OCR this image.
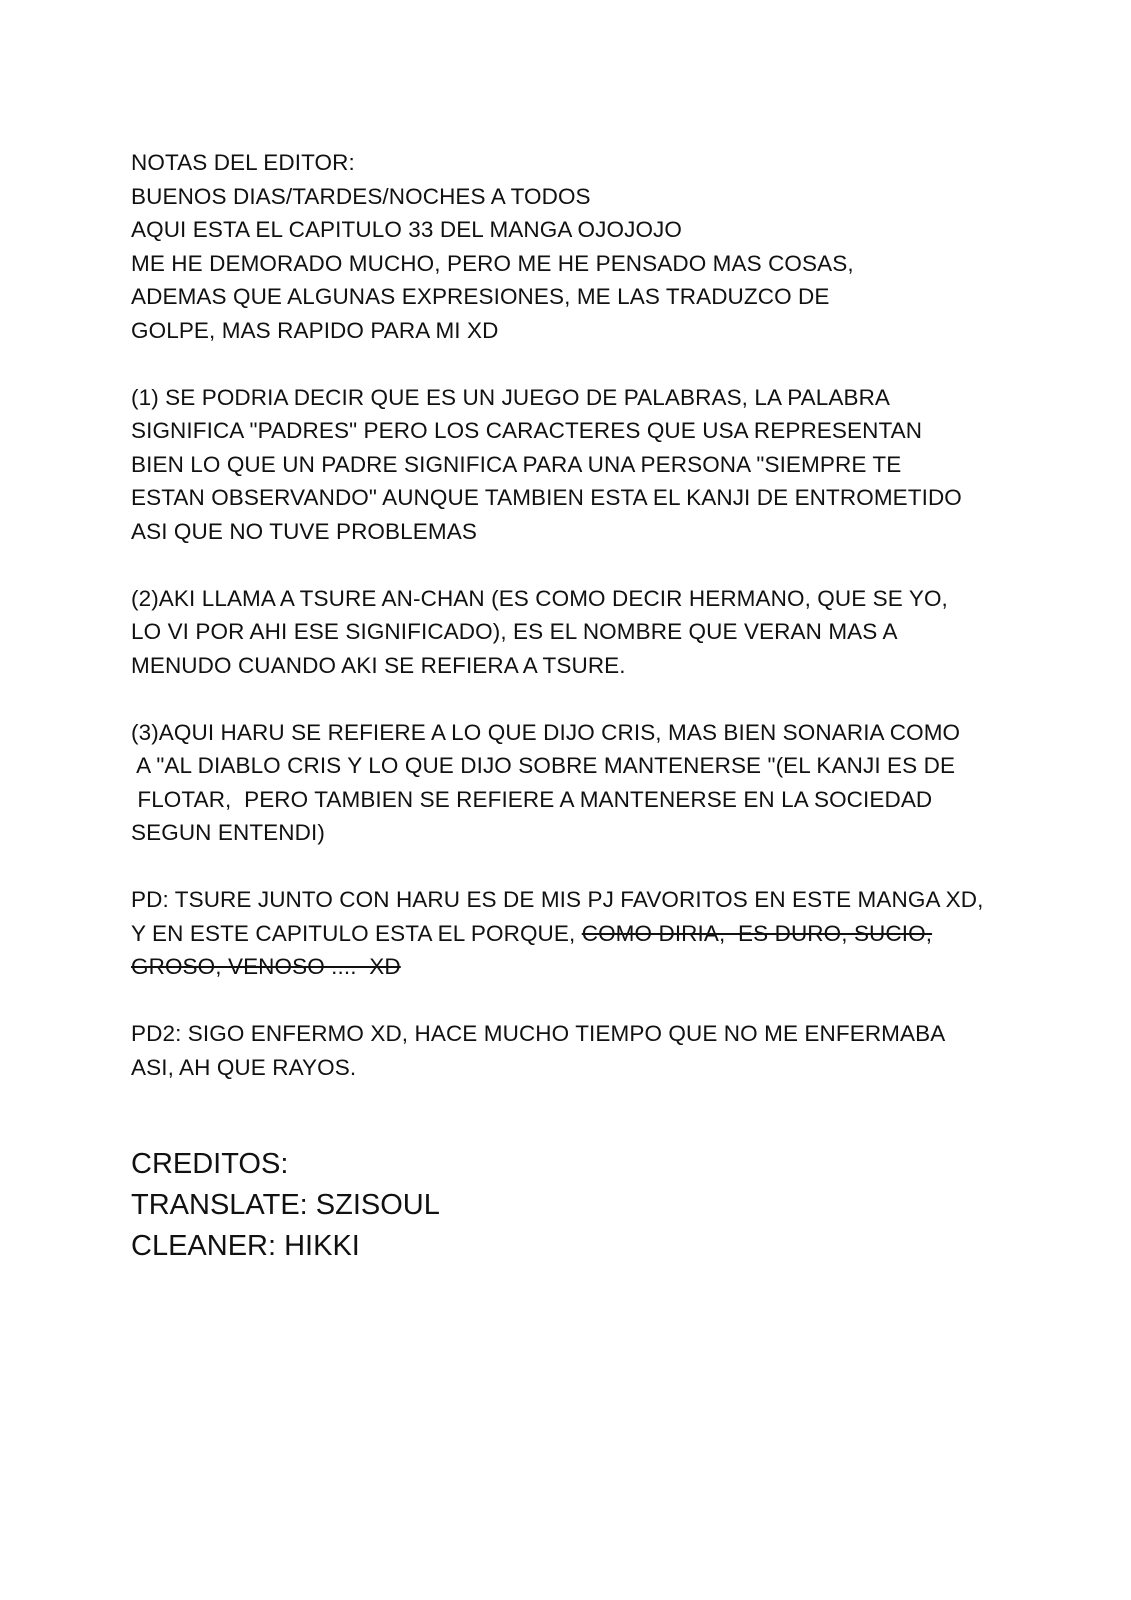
NOTAS DEL EDITOR:
BUENOS DIAS/TARDES/NOCHES A TODOS
AQUI ESTA EL CAPITULO 33 DEL MANGA OJOJOJO
ME HE DEMORADO MUCHO, PERO ME HE PENSADO MAS COSAS,
ADEMAS QUE ALGUNAS EXPRESIONES, ME LAS TRADUZCO DE
GOLPE, MAS RAPIDO PARA MI XD
(1) SE PODRIA DECIR QUE ES UN JUEGO DE PALABRAS, LA PALABRA
SIGNIFICA "PADRES" PERO LOS CARACTERES QUE USA REPRESENTAN
BIEN LO QUE UN PADRE SIGNIFICA PARA UNA PERSONA "SIEMPRE TE
ESTAN OBSERVANDO" AUNQUE TAMBIEN ESTA EL KANJI DE ENTROMETIDO
ASI QUE NO TUVE PROBLEMAS
(2)AKI LLAMA A TSURE AN-CHAN (ES COMO DECIR HERMANO, QUE SE YO,
LO VI POR AHI ESE SIGNIFICADO), ES EL NOMBRE QUE VERAN MAS A
MENUDO CUANDO AKI SE REFIERA A TSURE.
(3)AQUI HARU SE REFIERE A LO QUE DIJO CRIS, MAS BIEN SONARIA COMO
A "AL DIABLO CRIS Y LO QUE DIJO SOBRE MANTENERSE "(EL KANJI ES DE
FLOTAR,  PERO TAMBIEN SE REFIERE A MANTENERSE EN LA SOCIEDAD
SEGUN ENTENDI)
PD: TSURE JUNTO CON HARU ES DE MIS PJ FAVORITOS EN ESTE MANGA XD,
Y EN ESTE CAPITULO ESTA EL PORQUE, COMO DIRIA,  ES DURO, SUCIO,
GROSO, VENOSO ....  XD
PD2: SIGO ENFERMO XD, HACE MUCHO TIEMPO QUE NO ME ENFERMABA
ASI, AH QUE RAYOS.
CREDITOS:
TRANSLATE: SZISOUL
CLEANER: HIKKI
